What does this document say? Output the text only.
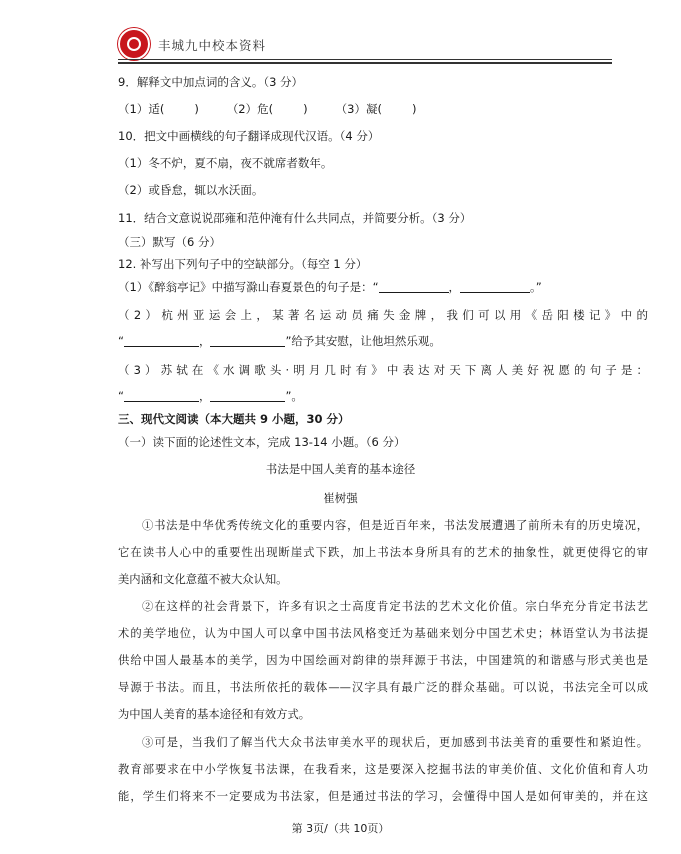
丰城九中校本资料
9．解释文中加点词的含义。（3 分）
（1）适(	) （2）危(	) （3）凝(	)
10．把文中画横线的句子翻译成现代汉语。（4 分）
（1）冬不炉，夏不扇，夜不就席者数年。
（2）或昏怠，辄以水沃面。
11．结合文意说说邵雍和范仲淹有什么共同点，并简要分析。（3 分）
（三）默写（6 分）
12. 补写出下列句子中的空缺部分。（每空 1 分）
（1）《醉翁亭记》中描写滁山春夏景色的句子是：“	，	。”
（2）杭州亚运会上，某著名运动员痛失金牌，我们可以用《岳阳楼记》中的
“	，	”给予其安慰，让他坦然乐观。
（3）苏轼在《水调歌头·明月几时有》中表达对天下离人美好祝愿的句子是：
“	，	”。
三、现代文阅读（本大题共 9 小题，30 分）
（一）读下面的论述性文本，完成 13-14 小题。（6 分）
书法是中国人美育的基本途径
崔树强
①书法是中华优秀传统文化的重要内容，但是近百年来，书法发展遭遇了前所未有的历史境况，
它在读书人心中的重要性出现断崖式下跌，加上书法本身所具有的艺术的抽象性，就更使得它的审
美内涵和文化意蕴不被大众认知。
②在这样的社会背景下，许多有识之士高度肯定书法的艺术文化价值。宗白华充分肯定书法艺
术的美学地位，认为中国人可以拿中国书法风格变迁为基础来划分中国艺术史；林语堂认为书法提
供给中国人最基本的美学，因为中国绘画对韵律的崇拜源于书法，中国建筑的和谐感与形式美也是
导源于书法。而且，书法所依托的载体——汉字具有最广泛的群众基础。可以说，书法完全可以成
为中国人美育的基本途径和有效方式。
③可是，当我们了解当代大众书法审美水平的现状后，更加感到书法美育的重要性和紧迫性。
教育部要求在中小学恢复书法课，在我看来，这是要深入挖掘书法的审美价值、文化价值和育人功
能，学生们将来不一定要成为书法家，但是通过书法的学习，会懂得中国人是如何审美的，并在这
第 3页/（共 10页）
